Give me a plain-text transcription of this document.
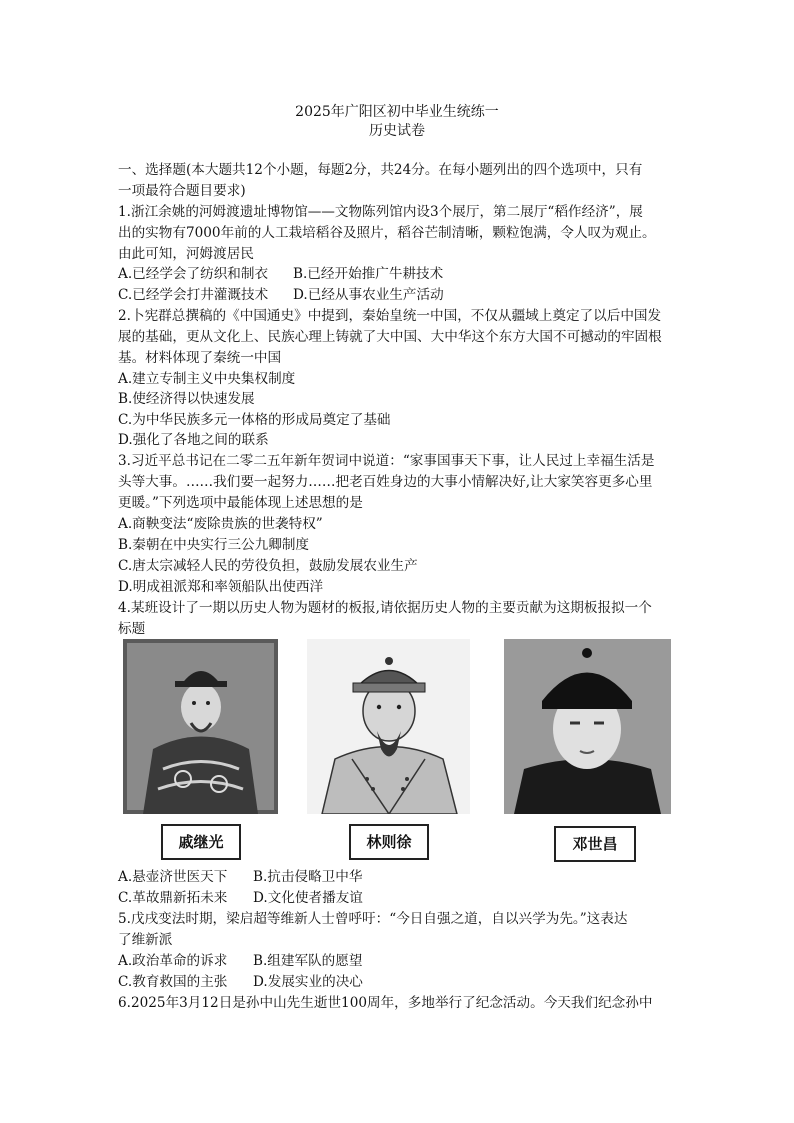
2025年广阳区初中毕业生统练一
历史试卷
一、选择题(本大题共12个小题，每题2分，共24分。在每小题列出的四个选项中，只有
一项最符合题目要求)
1.浙江余姚的河姆渡遗址博物馆——文物陈列馆内设3个展厅，第二展厅“稻作经济”，展
出的实物有7000年前的人工栽培稻谷及照片，稻谷芒制清晰，颗粒饱满，令人叹为观止。
由此可知，河姆渡居民
A.已经学会了纺织和制衣 B.已经开始推广牛耕技术
C.已经学会打井灌溉技术 D.已经从事农业生产活动
2.卜宪群总撰稿的《中国通史》中提到，秦始皇统一中国，不仅从疆域上奠定了以后中国发
展的基础，更从文化上、民族心理上铸就了大中国、大中华这个东方大国不可撼动的牢固根
基。材料体现了秦统一中国
A.建立专制主义中央集权制度
B.使经济得以快速发展
C.为中华民族多元一体格的形成局奠定了基础
D.强化了各地之间的联系
3.习近平总书记在二零二五年新年贺词中说道：“家事国事天下事，让人民过上幸福生活是
头等大事。……我们要一起努力……把老百姓身边的大事小情解决好,让大家笑容更多心里
更暖。”下列选项中最能体现上述思想的是
A.商鞅变法“废除贵族的世袭特权”
B.秦朝在中央实行三公九卿制度
C.唐太宗减轻人民的劳役负担，鼓励发展农业生产
D.明成祖派郑和率领船队出使西洋
4.某班设计了一期以历史人物为题材的板报,请依据历史人物的主要贡献为这期板报拟一个
标题
戚继光	林则徐	邓世昌
A.悬壶济世医天下 B.抗击侵略卫中华
C.革故鼎新拓未来 D.文化使者播友谊
5.戊戌变法时期，梁启超等维新人士曾呼吁：“今日自强之道，自以兴学为先。”这表达
了维新派
A.政治革命的诉求 B.组建军队的愿望
C.教育救国的主张 D.发展实业的决心
6.2025年3月12日是孙中山先生逝世100周年，多地举行了纪念活动。今天我们纪念孙中
